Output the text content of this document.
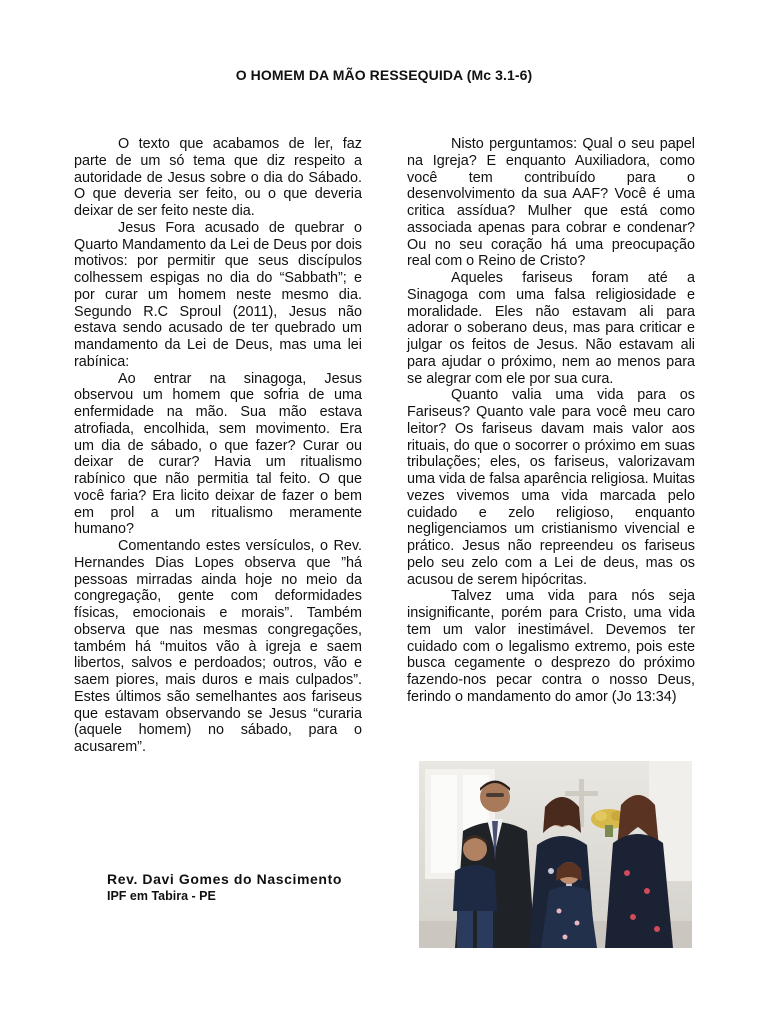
O HOMEM DA MÃO RESSEQUIDA (Mc 3.1-6)

O texto que acabamos de ler, faz parte de um só tema que diz respeito a autoridade de Jesus sobre o dia do Sábado. O que deveria ser feito, ou o que deveria deixar de ser feito neste dia.

Jesus Fora acusado de quebrar o Quarto Mandamento da Lei de Deus por dois motivos: por permitir que seus discípulos colhessem espigas no dia do “Sabbath”; e por curar um homem neste mesmo dia. Segundo R.C Sproul (2011), Jesus não estava sendo acusado de ter quebrado um mandamento da Lei de Deus, mas uma lei rabínica:

Ao entrar na sinagoga, Jesus observou um homem que sofria de uma enfermidade na mão. Sua mão estava atrofiada, encolhida, sem movimento. Era um dia de sábado, o que fazer? Curar ou deixar de curar? Havia um ritualismo rabínico que não permitia tal feito. O que você faria? Era licito deixar de fazer o bem em prol a um ritualismo meramente humano?

Comentando estes versículos, o Rev. Hernandes Dias Lopes observa que ”há pessoas mirradas ainda hoje no meio da congregação, gente com deformidades físicas, emocionais e morais”. Também observa que nas mesmas congregações, também há “muitos vão à igreja e saem libertos, salvos e perdoados; outros, vão e saem piores, mais duros e mais culpados”. Estes últimos são semelhantes aos fariseus que estavam observando se Jesus “curaria (aquele homem) no sábado, para o acusarem”.

Nisto perguntamos: Qual o seu papel na Igreja? E enquanto Auxiliadora, como você tem contribuído para o desenvolvimento da sua AAF? Você é uma critica assídua? Mulher que está como associada apenas para cobrar e condenar? Ou no seu coração há uma preocupação real com o Reino de Cristo?

Aqueles fariseus foram até a Sinagoga com uma falsa religiosidade e moralidade. Eles não estavam ali para adorar o soberano deus, mas para criticar e julgar os feitos de Jesus. Não estavam ali para ajudar o próximo, nem ao menos para se alegrar com ele por sua cura.

Quanto valia uma vida para os Fariseus? Quanto vale para você meu caro leitor? Os fariseus davam mais valor aos rituais, do que o socorrer o próximo em suas tribulações; eles, os fariseus, valorizavam uma vida de falsa aparência religiosa. Muitas vezes vivemos uma vida marcada pelo cuidado e zelo religioso, enquanto negligenciamos um cristianismo vivencial e prático. Jesus não repreendeu os fariseus pelo seu zelo com a Lei de deus, mas os acusou de serem hipócritas.

Talvez uma vida para nós seja insignificante, porém para Cristo, uma vida tem um valor inestimável. Devemos ter cuidado com o legalismo extremo, pois este busca cegamente o desprezo do próximo fazendo-nos pecar contra o nosso Deus, ferindo o mandamento do amor (Jo 13:34)

Rev. Davi Gomes do Nascimento
IPF em Tabira - PE
